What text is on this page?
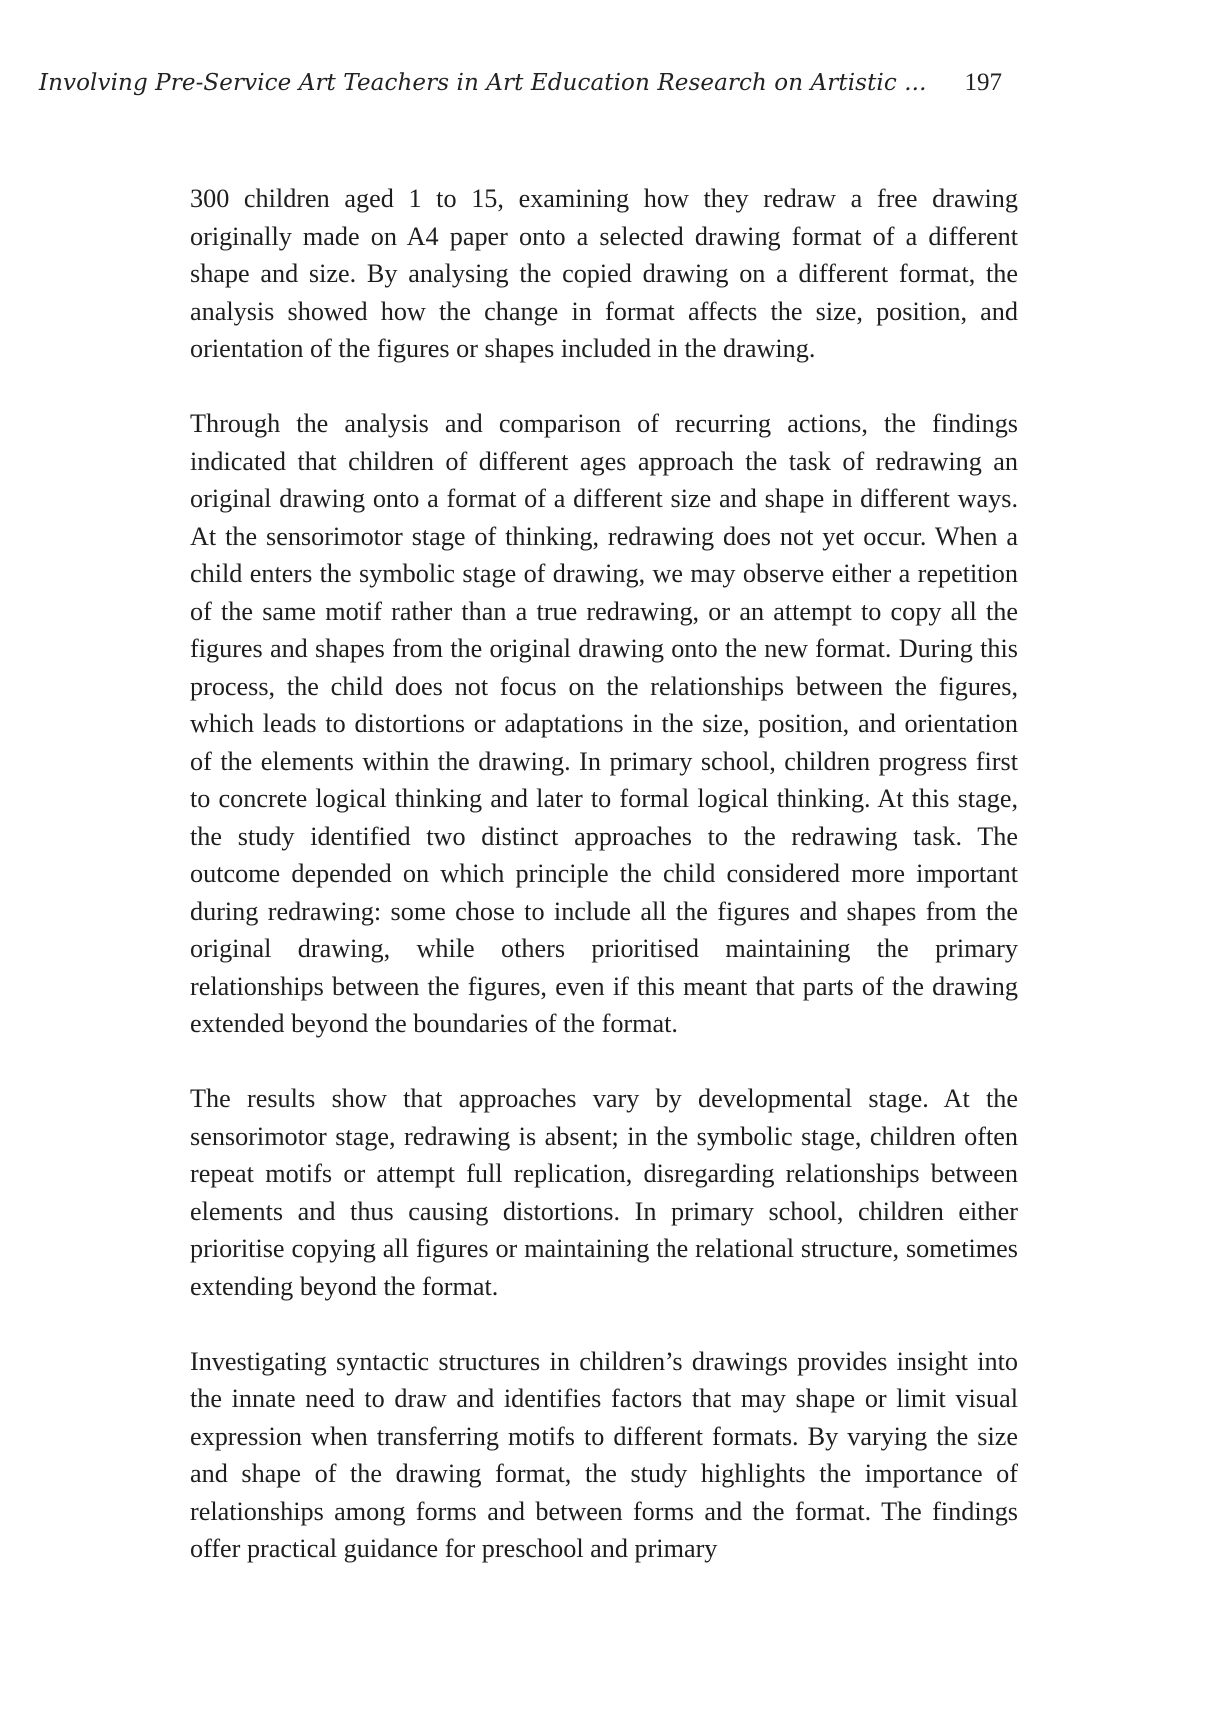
Involving Pre-Service Art Teachers in Art Education Research on Artistic ... 197

300 children aged 1 to 15, examining how they redraw a free drawing originally made on A4 paper onto a selected drawing format of a different shape and size. By analysing the copied drawing on a different format, the analysis showed how the change in format affects the size, position, and orientation of the figures or shapes included in the drawing.

Through the analysis and comparison of recurring actions, the findings indicated that children of different ages approach the task of redrawing an original drawing onto a format of a different size and shape in different ways. At the sensorimotor stage of thinking, redrawing does not yet occur. When a child enters the symbolic stage of drawing, we may observe either a repetition of the same motif rather than a true redrawing, or an attempt to copy all the figures and shapes from the original drawing onto the new format. During this process, the child does not focus on the relationships between the figures, which leads to distortions or adaptations in the size, position, and orientation of the elements within the drawing. In primary school, children progress first to concrete logical thinking and later to formal logical thinking. At this stage, the study identified two distinct approaches to the redrawing task. The outcome depended on which principle the child considered more important during redrawing: some chose to include all the figures and shapes from the original drawing, while others prioritised maintaining the primary relationships between the figures, even if this meant that parts of the drawing extended beyond the boundaries of the format.

The results show that approaches vary by developmental stage. At the sensorimotor stage, redrawing is absent; in the symbolic stage, children often repeat motifs or attempt full replication, disregarding relationships between elements and thus causing distortions. In primary school, children either prioritise copying all figures or maintaining the relational structure, sometimes extending beyond the format.

Investigating syntactic structures in children’s drawings provides insight into the innate need to draw and identifies factors that may shape or limit visual expression when transferring motifs to different formats. By varying the size and shape of the drawing format, the study highlights the importance of relationships among forms and between forms and the format. The findings offer practical guidance for preschool and primary
